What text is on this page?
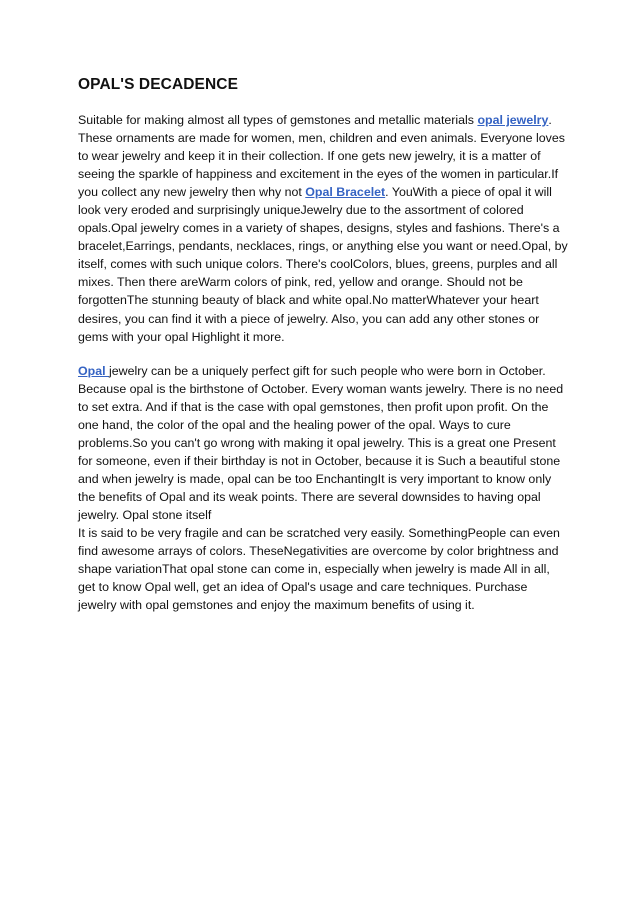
OPAL'S DECADENCE

Suitable for making almost all types of gemstones and metallic materials opal jewelry. These ornaments are made for women, men, children and even animals. Everyone loves to wear jewelry and keep it in their collection. If one gets new jewelry, it is a matter of seeing the sparkle of happiness and excitement in the eyes of the women in particular.If you collect any new jewelry then why not Opal Bracelet. YouWith a piece of opal it will look very eroded and surprisingly uniqueJewelry due to the assortment of colored opals.Opal jewelry comes in a variety of shapes, designs, styles and fashions. There's a bracelet,Earrings, pendants, necklaces, rings, or anything else you want or need.Opal, by itself, comes with such unique colors. There's coolColors, blues, greens, purples and all mixes. Then there areWarm colors of pink, red, yellow and orange. Should not be forgottenThe stunning beauty of black and white opal.No matterWhatever your heart desires, you can find it with a piece of jewelry. Also, you can add any other stones or gems with your opal Highlight it more.

Opal jewelry can be a uniquely perfect gift for such people who were born in October. Because opal is the birthstone of October. Every woman wants jewelry. There is no need to set extra. And if that is the case with opal gemstones, then profit upon profit. On the one hand, the color of the opal and the healing power of the opal. Ways to cure problems.So you can't go wrong with making it opal jewelry. This is a great one Present for someone, even if their birthday is not in October, because it is Such a beautiful stone and when jewelry is made, opal can be too EnchantingIt is very important to know only the benefits of Opal and its weak points. There are several downsides to having opal jewelry. Opal stone itself
It is said to be very fragile and can be scratched very easily. SomethingPeople can even find awesome arrays of colors. TheseNegativities are overcome by color brightness and shape variationThat opal stone can come in, especially when jewelry is made All in all, get to know Opal well, get an idea of Opal's usage and care techniques. Purchase jewelry with opal gemstones and enjoy the maximum benefits of using it.
